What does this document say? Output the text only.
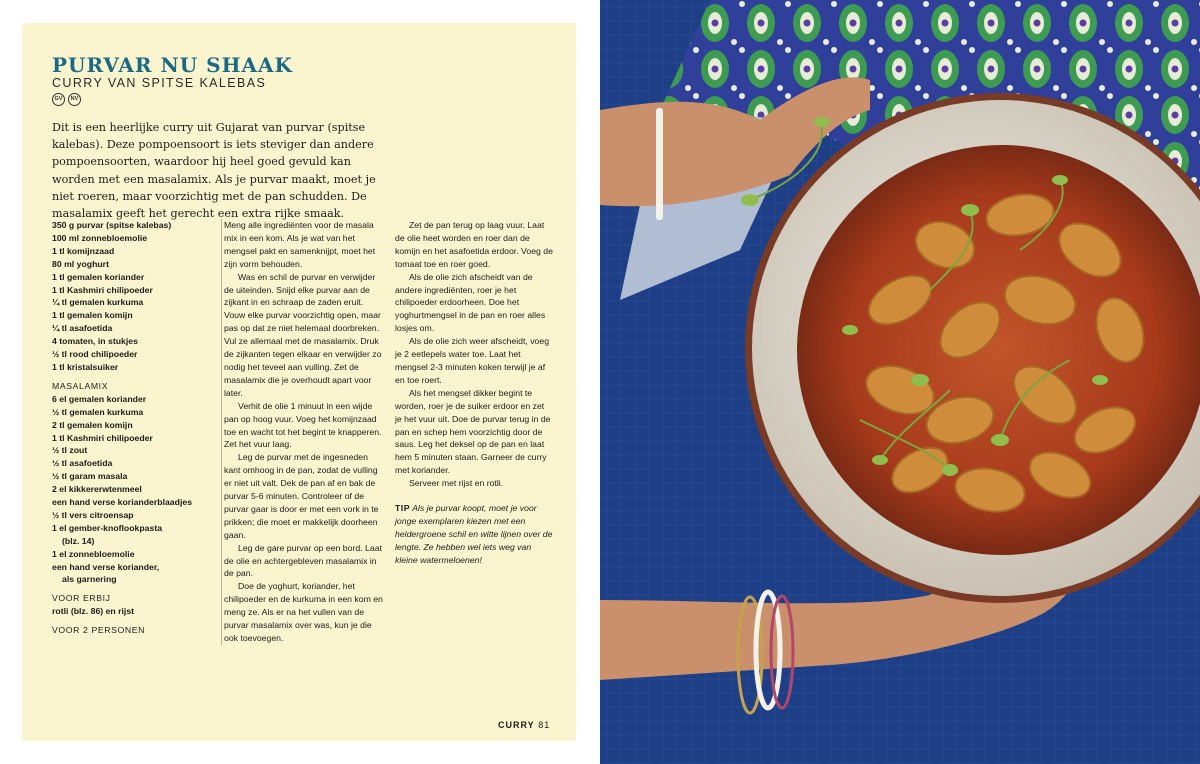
PURVAR NU SHAAK
CURRY VAN SPITSE KALEBAS
GV	NV

Dit is een heerlijke curry uit Gujarat van purvar (spitse kalebas). Deze pompoensoort is iets steviger dan andere pompoensoorten, waardoor hij heel goed gevuld kan worden met een masalamix. Als je purvar maakt, moet je niet roeren, maar voorzichtig met de pan schudden. De masalamix geeft het gerecht een extra rijke smaak.

350 g purvar (spitse kalebas)

100 ml zonnebloemolie

1 tl komijnzaad

80 ml yoghurt

1 tl gemalen koriander

1 tl Kashmiri chilipoeder

¼ tl gemalen kurkuma

1 tl gemalen komijn

¼ tl asafoetida

4 tomaten, in stukjes

½ tl rood chilipoeder

1 tl kristalsuiker

MASALAMIX

6 el gemalen koriander

½ tl gemalen kurkuma

2 tl gemalen komijn

1 tl Kashmiri chilipoeder

½ tl zout

½ tl asafoetida

½ tl garam masala

2 el kikkererwtenmeel

een hand verse korianderblaadjes

½ tl vers citroensap

1 el gember-knoflookpasta

(blz. 14)

1 el zonnebloemolie

een hand verse koriander,

als garnering

VOOR ERBIJ

rotli (blz. 86) en rijst

VOOR 2 PERSONEN

Meng alle ingrediënten voor de masala mix in een kom. Als je wat van het mengsel pakt en samenknijpt, moet het zijn vorm behouden.

Was en schil de purvar en verwijder de uiteinden. Snijd elke purvar aan de zijkant in en schraap de zaden eruit. Vouw elke purvar voorzichtig open, maar pas op dat ze niet helemaal doorbreken. Vul ze allemaal met de masalamix. Druk de zijkanten tegen elkaar en verwijder zo nodig het teveel aan vulling. Zet de masalamix die je overhoudt apart voor later.

Verhit de olie 1 minuut in een wijde pan op hoog vuur. Voeg het komijnzaad toe en wacht tot het begint te knapperen. Zet het vuur laag.

Leg de purvar met de ingesneden kant omhoog in de pan, zodat de vulling er niet uit valt. Dek de pan af en bak de purvar 5-6 minuten. Controleer of de purvar gaar is door er met een vork in te prikken; die moet er makkelijk doorheen gaan.

Leg de gare purvar op een bord. Laat de olie en achtergebleven masalamix in de pan.

Doe de yoghurt, koriander, het chilipoeder en de kurkuma in een kom en meng ze. Als er na het vullen van de purvar masalamix over was, kun je die ook toevoegen.

Zet de pan terug op laag vuur. Laat de olie heet worden en roer dan de komijn en het asafoetida erdoor. Voeg de tomaat toe en roer goed.

Als de olie zich afscheidt van de andere ingrediënten, roer je het chilipoeder erdoorheen. Doe het yoghurtmengsel in de pan en roer alles losjes om.

Als de olie zich weer afscheidt, voeg je 2 eetlepels water toe. Laat het mengsel 2-3 minuten koken terwijl je af en toe roert.

Als het mengsel dikker begint te worden, roer je de suiker erdoor en zet je het vuur uit. Doe de purvar terug in de pan en schep hem voorzichtig door de saus. Leg het deksel op de pan en laat hem 5 minuten staan. Garneer de curry met koriander.

Serveer met rijst en rotli.

TIP Als je purvar koopt, moet je voor jonge exemplaren kiezen met een heldergroene schil en witte lijnen over de lengte. Ze hebben wel iets weg van kleine watermeloenen!

CURRY 81
